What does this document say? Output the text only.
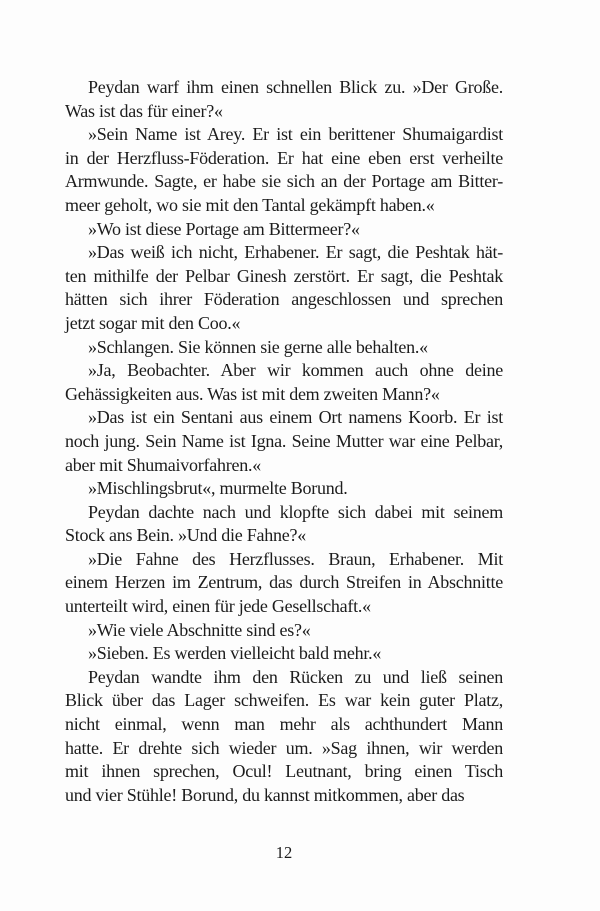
Peydan warf ihm einen schnellen Blick zu. »Der Große.
Was ist das für einer?«
»Sein Name ist Arey. Er ist ein berittener Shumaigardist
in der Herzfluss-Föderation. Er hat eine eben erst verheilte
Armwunde. Sagte, er habe sie sich an der Portage am Bitter-
meer geholt, wo sie mit den Tantal gekämpft haben.«
»Wo ist diese Portage am Bittermeer?«
»Das weiß ich nicht, Erhabener. Er sagt, die Peshtak hät-
ten mithilfe der Pelbar Ginesh zerstört. Er sagt, die Peshtak
hätten sich ihrer Föderation angeschlossen und sprechen
jetzt sogar mit den Coo.«
»Schlangen. Sie können sie gerne alle behalten.«
»Ja, Beobachter. Aber wir kommen auch ohne deine
Gehässigkeiten aus. Was ist mit dem zweiten Mann?«
»Das ist ein Sentani aus einem Ort namens Koorb. Er ist
noch jung. Sein Name ist Igna. Seine Mutter war eine Pelbar,
aber mit Shumaivorfahren.«
»Mischlingsbrut«, murmelte Borund.
Peydan dachte nach und klopfte sich dabei mit seinem
Stock ans Bein. »Und die Fahne?«
»Die Fahne des Herzflusses. Braun, Erhabener. Mit
einem Herzen im Zentrum, das durch Streifen in Abschnitte
unterteilt wird, einen für jede Gesellschaft.«
»Wie viele Abschnitte sind es?«
»Sieben. Es werden vielleicht bald mehr.«
Peydan wandte ihm den Rücken zu und ließ seinen
Blick über das Lager schweifen. Es war kein guter Platz,
nicht einmal, wenn man mehr als achthundert Mann
hatte. Er drehte sich wieder um. »Sag ihnen, wir werden
mit ihnen sprechen, Ocul! Leutnant, bring einen Tisch
und vier Stühle! Borund, du kannst mitkommen, aber das
12
